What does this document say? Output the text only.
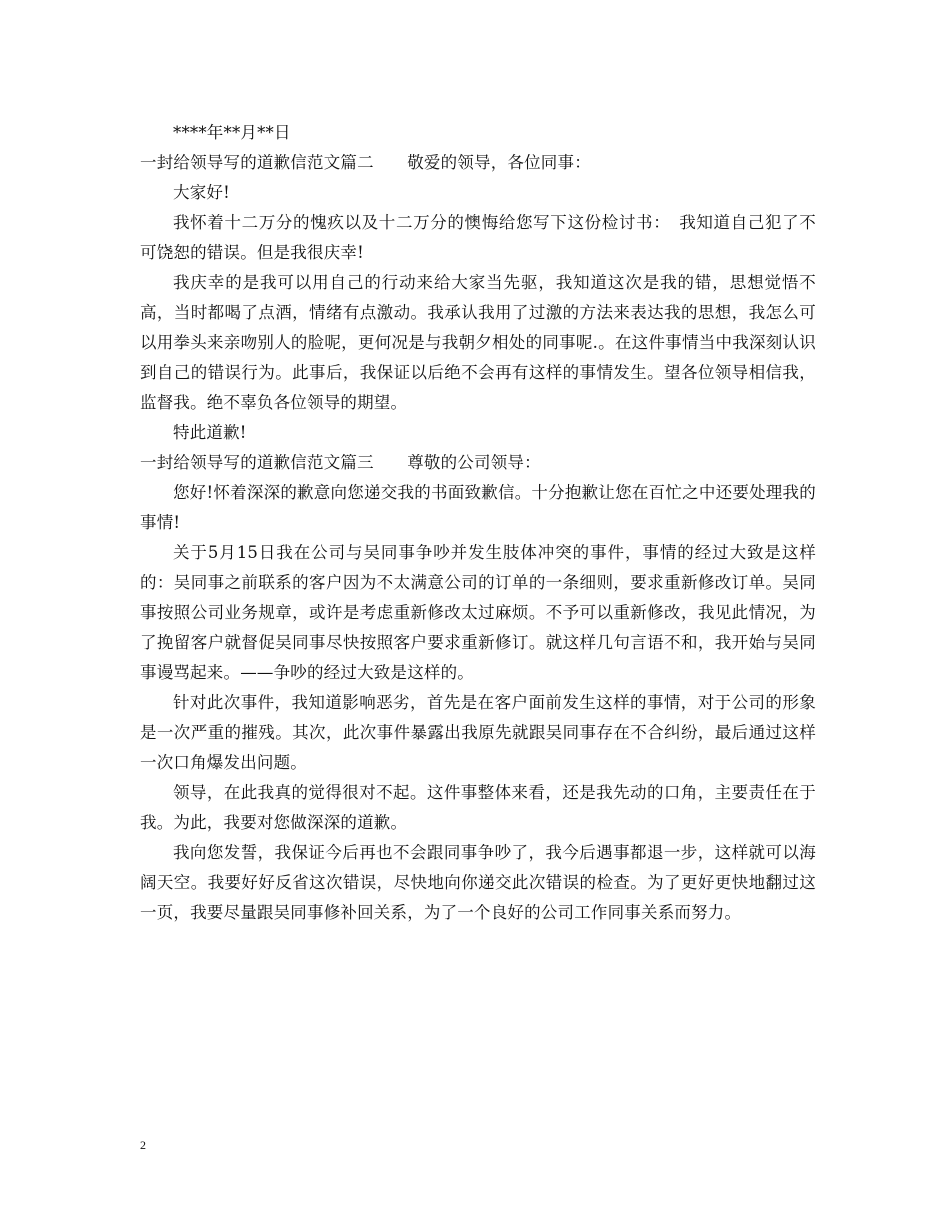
****年**月**日

一封给领导写的道歉信范文篇二　　敬爱的领导，各位同事：

大家好!

我怀着十二万分的愧疚以及十二万分的懊悔给您写下这份检讨书：　我知道自己犯了不可饶恕的错误。但是我很庆幸!

我庆幸的是我可以用自己的行动来给大家当先驱，我知道这次是我的错，思想觉悟不高，当时都喝了点酒，情绪有点激动。我承认我用了过激的方法来表达我的思想，我怎么可以用拳头来亲吻别人的脸呢，更何况是与我朝夕相处的同事呢.。在这件事情当中我深刻认识到自己的错误行为。此事后，我保证以后绝不会再有这样的事情发生。望各位领导相信我，监督我。绝不辜负各位领导的期望。

特此道歉!

一封给领导写的道歉信范文篇三　　尊敬的公司领导：

您好!怀着深深的歉意向您递交我的书面致歉信。十分抱歉让您在百忙之中还要处理我的事情!

关于5月15日我在公司与吴同事争吵并发生肢体冲突的事件，事情的经过大致是这样的：吴同事之前联系的客户因为不太满意公司的订单的一条细则，要求重新修改订单。吴同事按照公司业务规章，或许是考虑重新修改太过麻烦。不予可以重新修改，我见此情况，为了挽留客户就督促吴同事尽快按照客户要求重新修订。就这样几句言语不和，我开始与吴同事谩骂起来。——争吵的经过大致是这样的。

针对此次事件，我知道影响恶劣，首先是在客户面前发生这样的事情，对于公司的形象是一次严重的摧残。其次，此次事件暴露出我原先就跟吴同事存在不合纠纷，最后通过这样一次口角爆发出问题。

领导，在此我真的觉得很对不起。这件事整体来看，还是我先动的口角，主要责任在于我。为此，我要对您做深深的道歉。

我向您发誓，我保证今后再也不会跟同事争吵了，我今后遇事都退一步，这样就可以海阔天空。我要好好反省这次错误，尽快地向你递交此次错误的检查。为了更好更快地翻过这一页，我要尽量跟吴同事修补回关系，为了一个良好的公司工作同事关系而努力。

2
